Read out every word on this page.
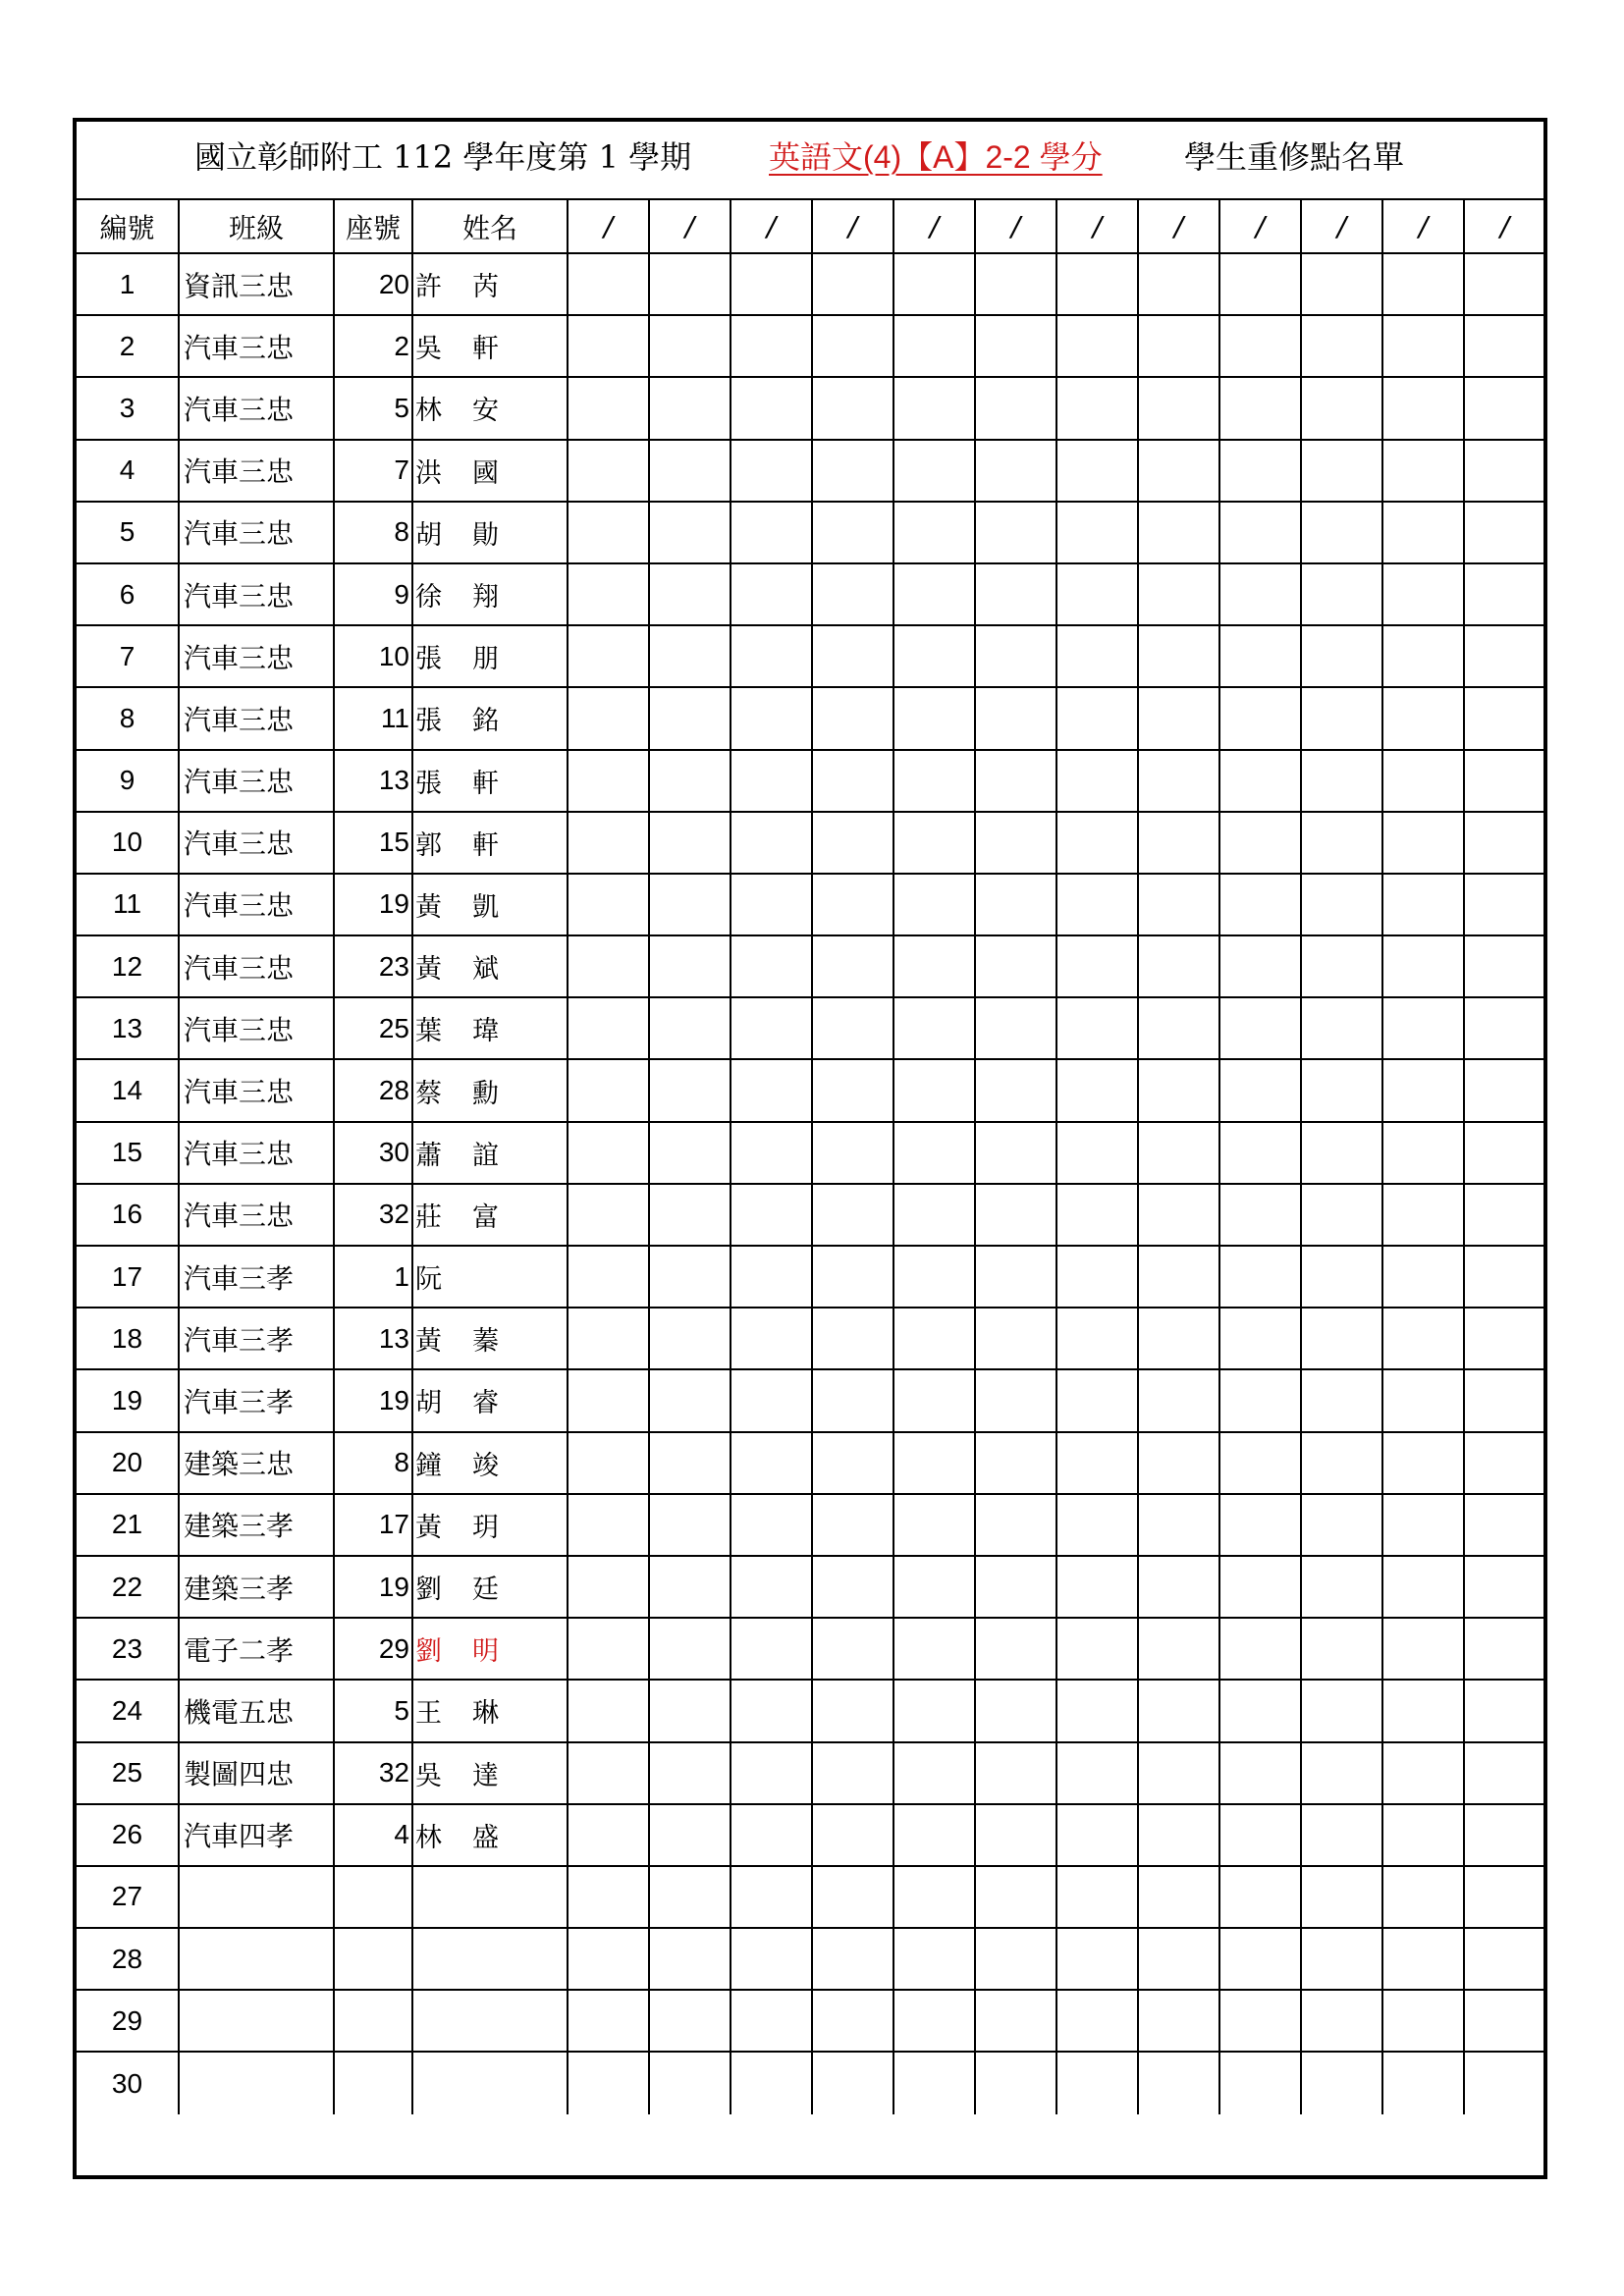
國立彰師附工 112 學年度第 1 學期 英語文(4)【A】2-2 學分	學生重修點名單
編號	班級	座號	姓名	/	/	/	/	/	/	/	/	/	/	/	/
1	資訊三忠	20	許 芮												

2	汽車三忠	2	吳 軒												

3	汽車三忠	5	林 安												

4	汽車三忠	7	洪 國												

5	汽車三忠	8	胡 勛												

6	汽車三忠	9	徐 翔												

7	汽車三忠	10	張 朋												

8	汽車三忠	11	張 銘												

9	汽車三忠	13	張 軒												

10	汽車三忠	15	郭 軒												

11	汽車三忠	19	黃 凱												

12	汽車三忠	23	黃 斌												

13	汽車三忠	25	葉 瑋												

14	汽車三忠	28	蔡 勳												

15	汽車三忠	30	蕭 誼												

16	汽車三忠	32	莊 富												

17	汽車三孝	1	阮												

18	汽車三孝	13	黃 蓁												

19	汽車三孝	19	胡 睿												

20	建築三忠	8	鐘 竣												

21	建築三孝	17	黃 玥												

22	建築三孝	19	劉 廷												

23	電子二孝	29	劉 明												

24	機電五忠	5	王 琳												

25	製圖四忠	32	吳 達												

26	汽車四孝	4	林 盛												

27			

28			

29			

30			
